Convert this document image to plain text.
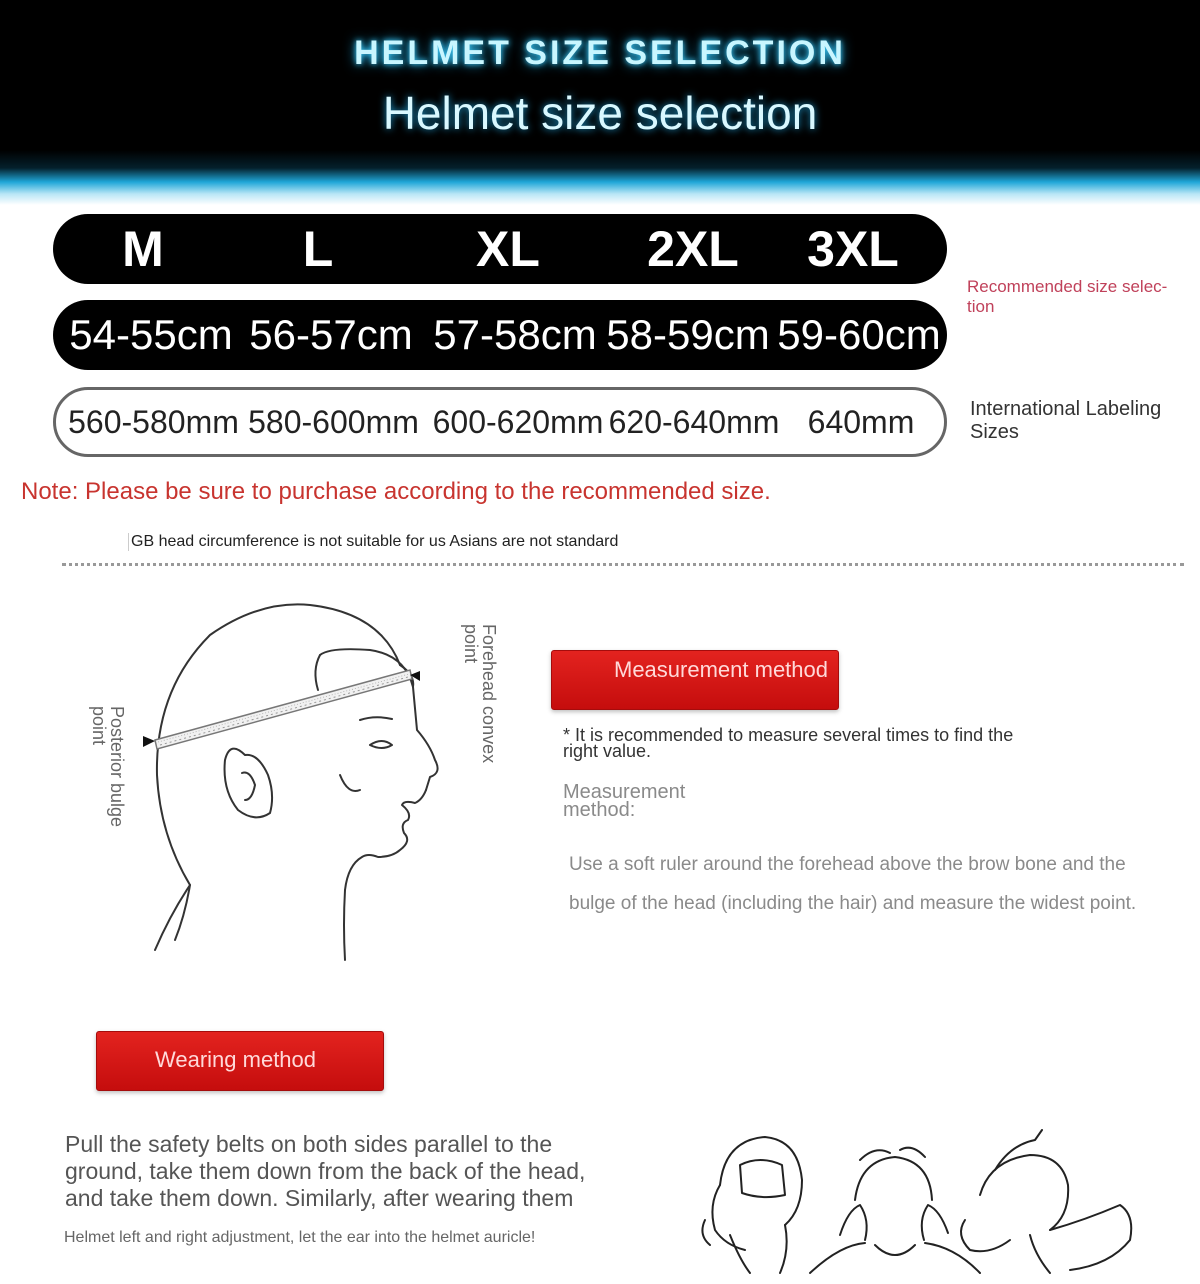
HELMET SIZE SELECTION
Helmet size selection
M	L	XL	2XL	3XL
54-55cm 56-57cm 57-58cm 58-59cm 59-60cm
560-580mm 580-600mm 600-620mm 620-640mm 640mm
Recommended size selec-
tion
International Labeling Sizes
Note: Please be sure to purchase according to the recommended size.
GB head circumference is not suitable for us Asians are not standard
Posterior bulge point	Forehead convex point
Measurement method
* It is recommended to measure several times to find the right value.
Measurement method:
Use a soft ruler around the forehead above the brow bone and the bulge of the head (including the hair) and measure the widest point.
Wearing method
Pull the safety belts on both sides parallel to the ground, take them down from the back of the head, and take them down. Similarly, after wearing them
Helmet left and right adjustment, let the ear into the helmet auricle!
